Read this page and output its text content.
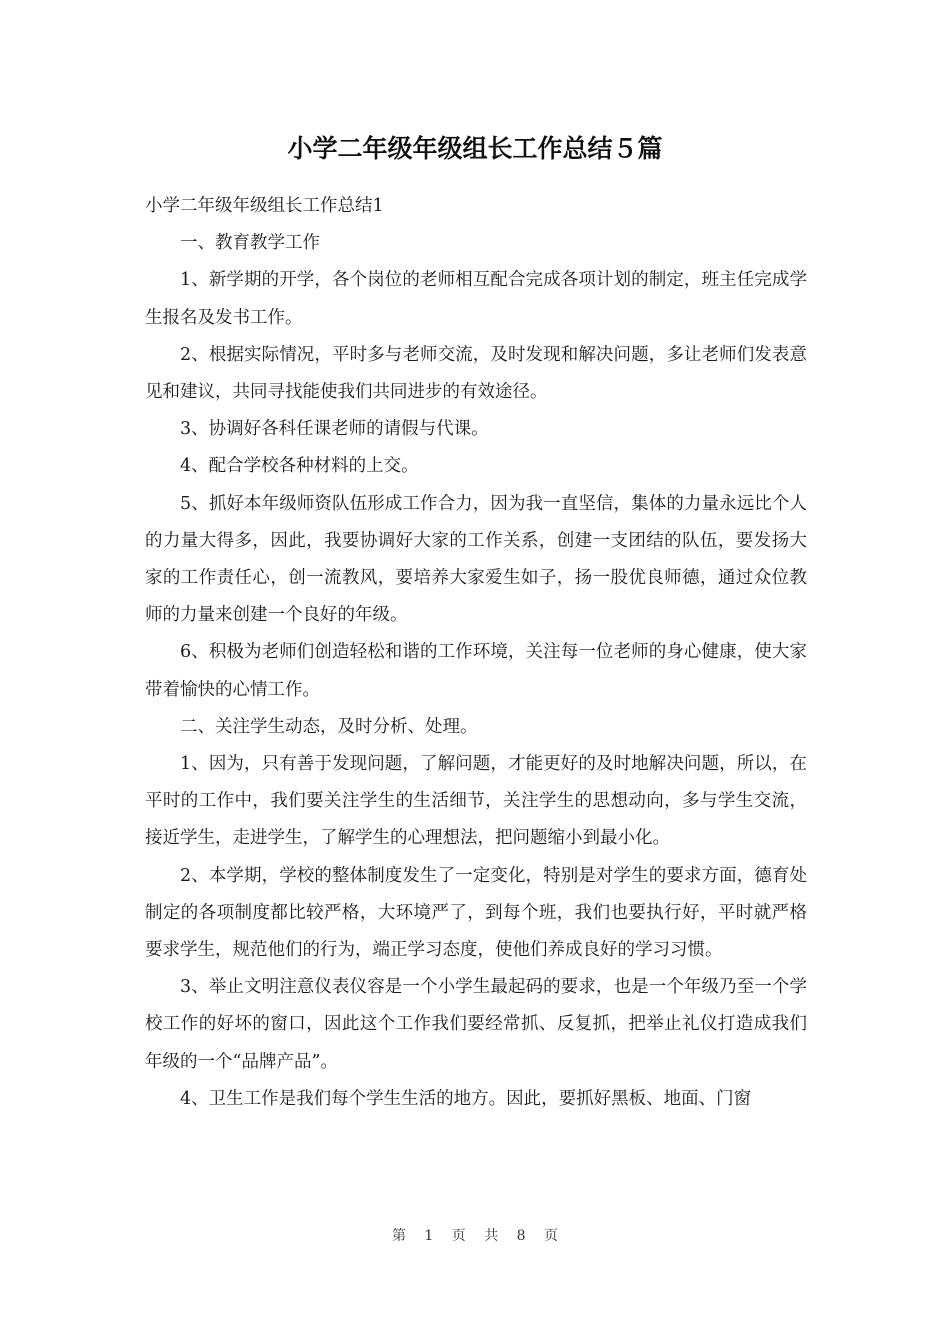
小学二年级年级组长工作总结５篇

小学二年级年级组长工作总结1

一、教育教学工作

1、新学期的开学，各个岗位的老师相互配合完成各项计划的制定，班主任完成学生报名及发书工作。

2、根据实际情况，平时多与老师交流，及时发现和解决问题，多让老师们发表意见和建议，共同寻找能使我们共同进步的有效途径。

3、协调好各科任课老师的请假与代课。

4、配合学校各种材料的上交。

5、抓好本年级师资队伍形成工作合力，因为我一直坚信，集体的力量永远比个人的力量大得多，因此，我要协调好大家的工作关系，创建一支团结的队伍，要发扬大家的工作责任心，创一流教风，要培养大家爱生如子，扬一股优良师德，通过众位教师的力量来创建一个良好的年级。

6、积极为老师们创造轻松和谐的工作环境，关注每一位老师的身心健康，使大家带着愉快的心情工作。

二、关注学生动态，及时分析、处理。

1、因为，只有善于发现问题，了解问题，才能更好的及时地解决问题，所以，在平时的工作中，我们要关注学生的生活细节，关注学生的思想动向，多与学生交流，接近学生，走进学生，了解学生的心理想法，把问题缩小到最小化。

2、本学期，学校的整体制度发生了一定变化，特别是对学生的要求方面，德育处制定的各项制度都比较严格，大环境严了，到每个班，我们也要执行好，平时就严格要求学生，规范他们的行为，端正学习态度，使他们养成良好的学习习惯。

3、举止文明注意仪表仪容是一个小学生最起码的要求，也是一个年级乃至一个学校工作的好坏的窗口，因此这个工作我们要经常抓、反复抓，把举止礼仪打造成我们年级的一个“品牌产品”。

4、卫生工作是我们每个学生生活的地方。因此，要抓好黑板、地面、门窗

第 1 页 共 8 页
